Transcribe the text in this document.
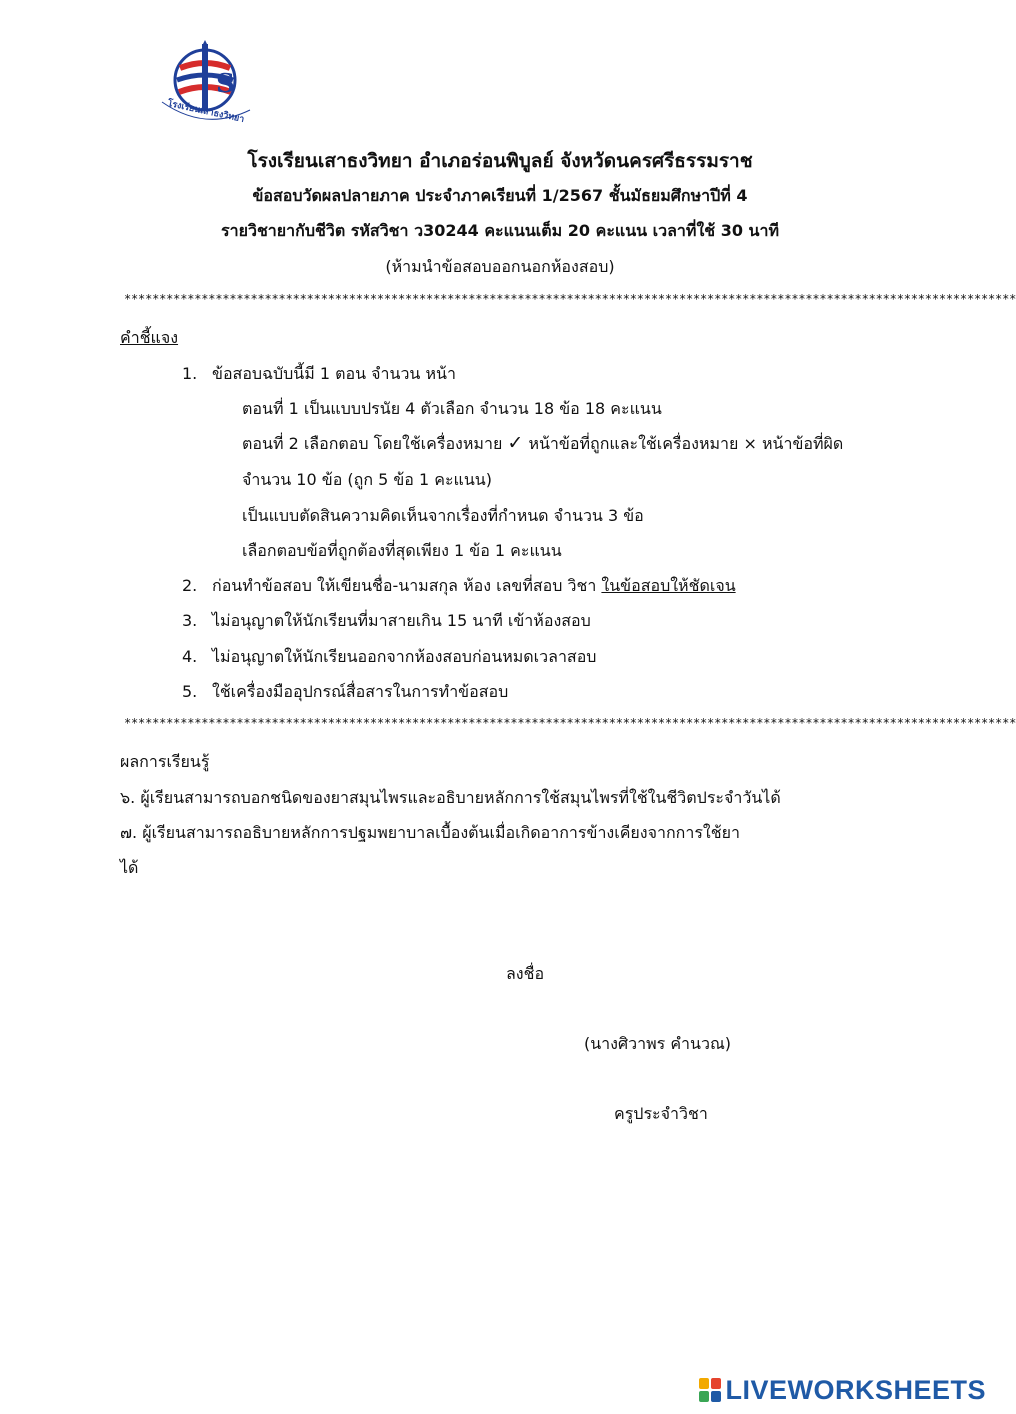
S
โรงเรียนเสาธงวิทยา
โรงเรียนเสาธงวิทยา อำเภอร่อนพิบูลย์ จังหวัดนครศรีธรรมราช
ข้อสอบวัดผลปลายภาค ประจำภาคเรียนที่ 1/2567 ชั้นมัธยมศึกษาปีที่ 4
รายวิชายากับชีวิต รหัสวิชา ว30244 คะแนนเต็ม 20 คะแนน เวลาที่ใช้ 30 นาที
(ห้ามนำข้อสอบออกนอกห้องสอบ)
*******************************************************************************************************************************
คำชี้แจง
1. ข้อสอบฉบับนี้มี 1 ตอน จำนวน หน้า
ตอนที่ 1 เป็นแบบปรนัย 4 ตัวเลือก จำนวน 18 ข้อ 18 คะแนน
ตอนที่ 2 เลือกตอบ โดยใช้เครื่องหมาย ✓ หน้าข้อที่ถูกและใช้เครื่องหมาย × หน้าข้อที่ผิด
จำนวน 10 ข้อ (ถูก 5 ข้อ 1 คะแนน)
เป็นแบบตัดสินความคิดเห็นจากเรื่องที่กำหนด จำนวน 3 ข้อ
เลือกตอบข้อที่ถูกต้องที่สุดเพียง 1 ข้อ 1 คะแนน
2. ก่อนทำข้อสอบ ให้เขียนชื่อ-นามสกุล ห้อง เลขที่สอบ วิชา ในข้อสอบให้ชัดเจน
3. ไม่อนุญาตให้นักเรียนที่มาสายเกิน 15 นาที เข้าห้องสอบ
4. ไม่อนุญาตให้นักเรียนออกจากห้องสอบก่อนหมดเวลาสอบ
5. ใช้เครื่องมืออุปกรณ์สื่อสารในการทำข้อสอบ
*******************************************************************************************************************************
ผลการเรียนรู้
๖. ผู้เรียนสามารถบอกชนิดของยาสมุนไพรและอธิบายหลักการใช้สมุนไพรที่ใช้ในชีวิตประจำวันได้
๗. ผู้เรียนสามารถอธิบายหลักการปฐมพยาบาลเบื้องต้นเมื่อเกิดอาการข้างเคียงจากการใช้ยา
ได้
ลงชื่อ
(นางศิวาพร คำนวณ)
ครูประจำวิชา
LIVEWORKSHEETS
